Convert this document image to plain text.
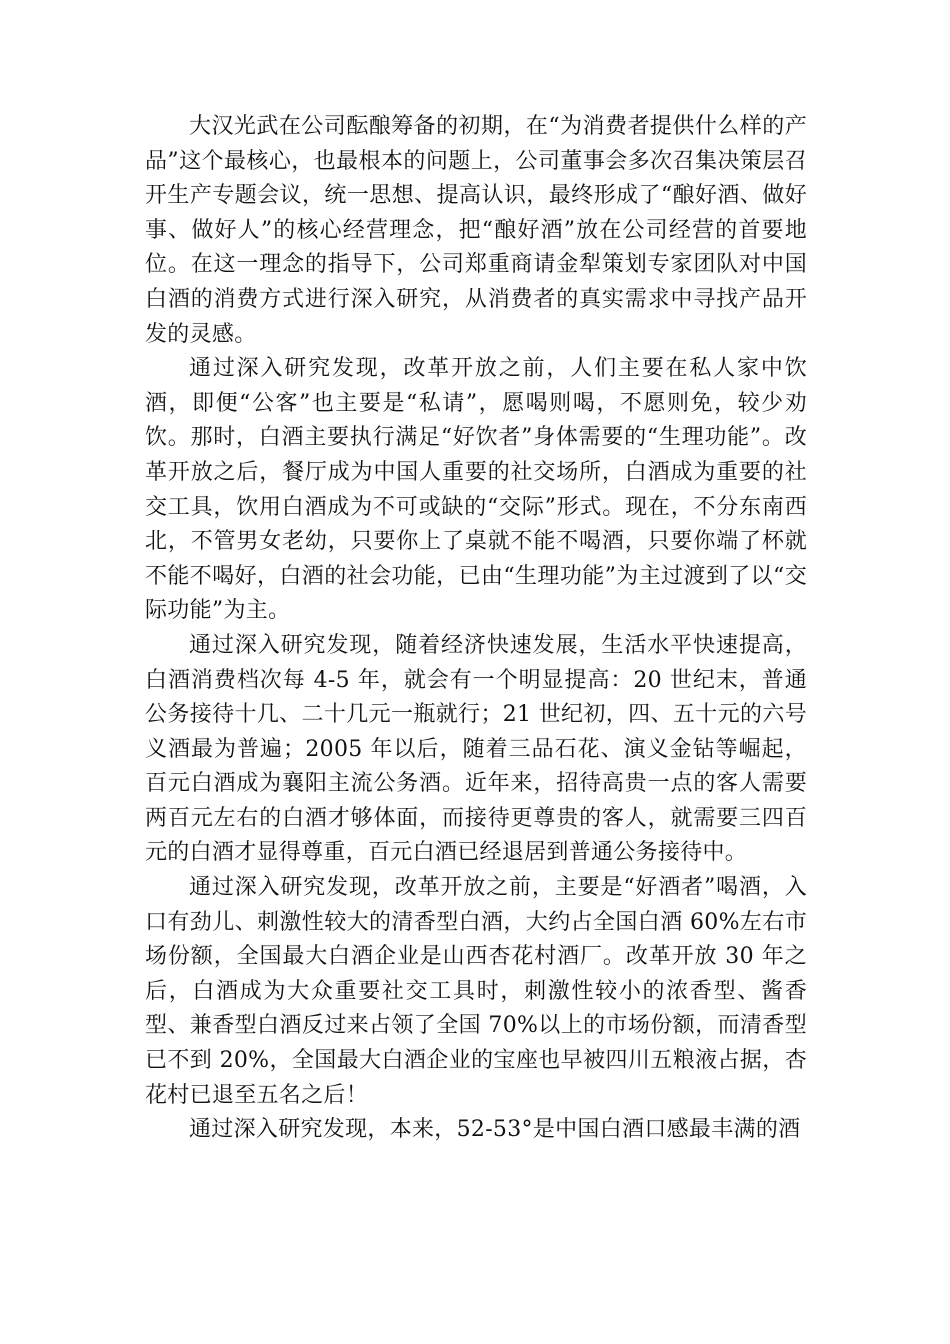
大汉光武在公司酝酿筹备的初期，在“为消费者提供什么样的产品”这个最核心，也最根本的问题上，公司董事会多次召集决策层召开生产专题会议，统一思想、提高认识，最终形成了“酿好酒、做好事、做好人”的核心经营理念，把“酿好酒”放在公司经营的首要地位。在这一理念的指导下，公司郑重商请金犁策划专家团队对中国白酒的消费方式进行深入研究，从消费者的真实需求中寻找产品开发的灵感。

通过深入研究发现，改革开放之前，人们主要在私人家中饮酒，即便“公客”也主要是“私请”，愿喝则喝，不愿则免，较少劝饮。那时，白酒主要执行满足“好饮者”身体需要的“生理功能”。改革开放之后，餐厅成为中国人重要的社交场所，白酒成为重要的社交工具，饮用白酒成为不可或缺的“交际”形式。现在，不分东南西北，不管男女老幼，只要你上了桌就不能不喝酒，只要你端了杯就不能不喝好，白酒的社会功能，已由“生理功能”为主过渡到了以“交际功能”为主。

通过深入研究发现，随着经济快速发展，生活水平快速提高，白酒消费档次每 4-5 年，就会有一个明显提高：20 世纪末，普通公务接待十几、二十几元一瓶就行；21 世纪初，四、五十元的六号义酒最为普遍；2005 年以后，随着三品石花、演义金钻等崛起，百元白酒成为襄阳主流公务酒。近年来，招待高贵一点的客人需要两百元左右的白酒才够体面，而接待更尊贵的客人，就需要三四百元的白酒才显得尊重，百元白酒已经退居到普通公务接待中。

通过深入研究发现，改革开放之前，主要是“好酒者”喝酒，入口有劲儿、刺激性较大的清香型白酒，大约占全国白酒 60%左右市场份额，全国最大白酒企业是山西杏花村酒厂。改革开放 30 年之后，白酒成为大众重要社交工具时，刺激性较小的浓香型、酱香型、兼香型白酒反过来占领了全国 70%以上的市场份额，而清香型已不到 20%，全国最大白酒企业的宝座也早被四川五粮液占据，杏花村已退至五名之后！

通过深入研究发现，本来，52-53°是中国白酒口感最丰满的酒
